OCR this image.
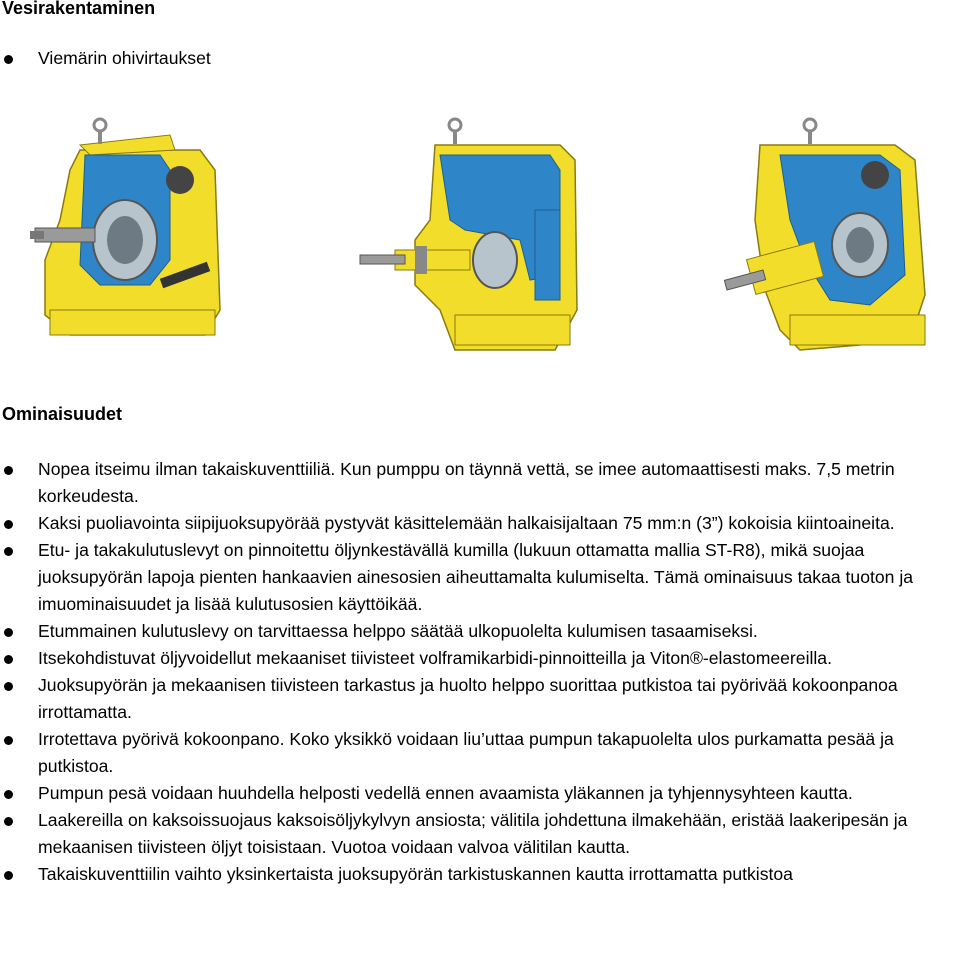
Vesirakentaminen
Viemärin ohivirtaukset
Ominaisuudet
Nopea itseimu ilman takaiskuventtiiliä. Kun pumppu on täynnä vettä, se imee automaattisesti maks. 7,5 metrin korkeudesta.
Kaksi puoliavointa siipijuoksupyörää pystyvät käsittelemään halkaisijaltaan 75 mm:n (3”) kokoisia kiintoaineita.
Etu- ja takakulutuslevyt on pinnoitettu öljynkestävällä kumilla (lukuun ottamatta mallia ST-R8), mikä suojaa juoksupyörän lapoja pienten hankaavien ainesosien aiheuttamalta kulumiselta. Tämä ominaisuus takaa tuoton ja imuominaisuudet ja lisää kulutusosien käyttöikää.
Etummainen kulutuslevy on tarvittaessa helppo säätää ulkopuolelta kulumisen tasaamiseksi.
Itsekohdistuvat öljyvoidellut mekaaniset tiivisteet volframikarbidi-pinnoitteilla ja Viton®-elastomeereilla.
Juoksupyörän ja mekaanisen tiivisteen tarkastus ja huolto helppo suorittaa putkistoa tai pyörivää kokoonpanoa irrottamatta.
Irrotettava pyörivä kokoonpano. Koko yksikkö voidaan liu’uttaa pumpun takapuolelta ulos purkamatta pesää ja putkistoa.
Pumpun pesä voidaan huuhdella helposti vedellä ennen avaamista yläkannen ja tyhjennysyhteen kautta.
Laakereilla on kaksoissuojaus kaksoisöljykylvyn ansiosta; välitila johdettuna ilmakehään, eristää laakeripesän ja mekaanisen tiivisteen öljyt toisistaan. Vuotoa voidaan valvoa välitilan kautta.
Takaiskuventtiilin vaihto yksinkertaista juoksupyörän tarkistuskannen kautta irrottamatta putkistoa
